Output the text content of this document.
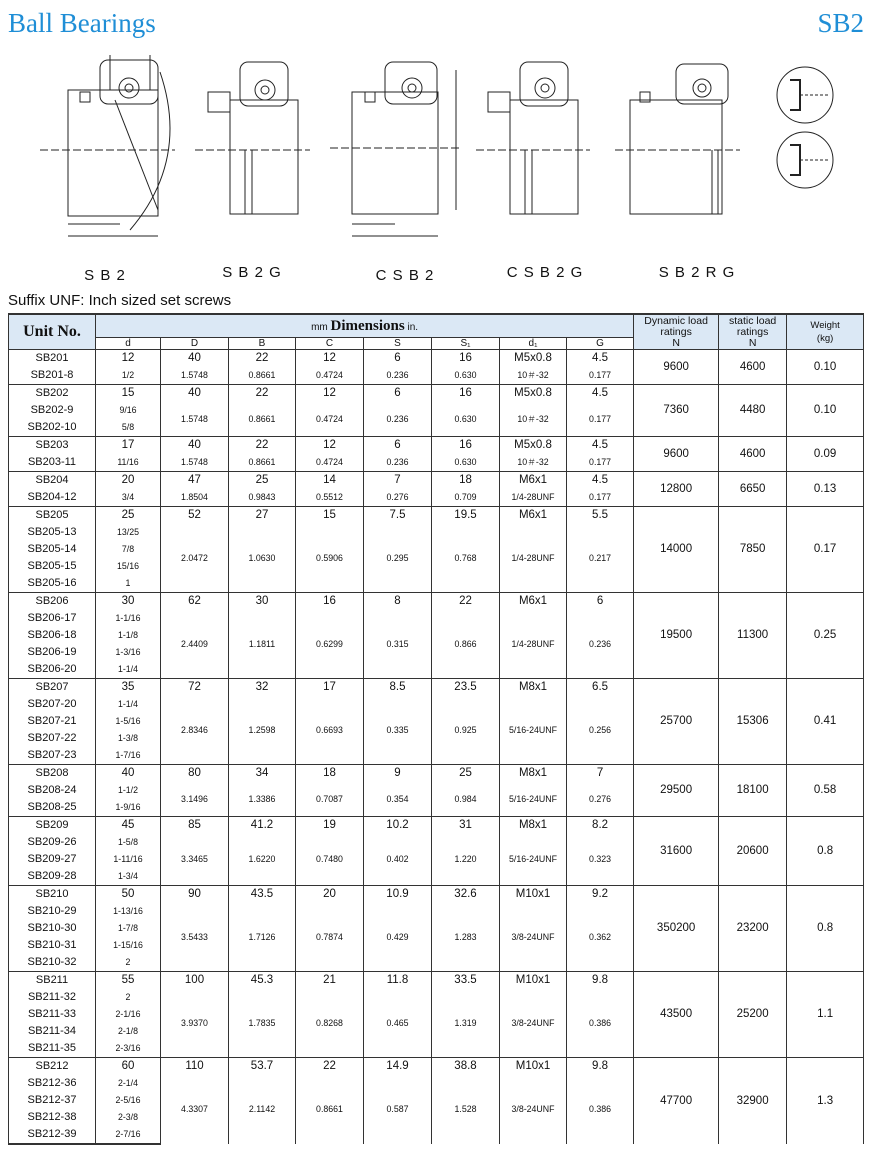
Ball Bearings	SB2
S B 2	S B 2 G	C S B 2	C S B 2 G	S B 2 R G
Suffix UNF: Inch sized set screws
Unit No.	mm Dimensions in.								Dynamic load
ratings
N	static load
ratings
N	Weight
(kg)

	d	D	B	C	S	S₁	d₁	G			
SB201	12	40	22	12	6	16	M5x0.8	4.5	9600	4600	0.10
SB201-8	1/2	1.5748	0.8661	0.4724	0.236	0.630	10＃-32	0.177			
SB202	15	40	22	12	6	16	M5x0.8	4.5	7360	4480	0.10
SB202-9	9/16	1.5748	0.8661	0.4724	0.236	0.630	10＃-32	0.177			
SB202-10	5/8										
SB203	17	40	22	12	6	16	M5x0.8	4.5	9600	4600	0.09
SB203-11	11/16	1.5748	0.8661	0.4724	0.236	0.630	10＃-32	0.177			
SB204	20	47	25	14	7	18	M6x1	4.5	12800	6650	0.13
SB204-12	3/4	1.8504	0.9843	0.5512	0.276	0.709	1/4-28UNF	0.177			
SB205	25	52	27	15	7.5	19.5	M6x1	5.5	14000	7850	0.17
SB205-13	13/25	2.0472	1.0630	0.5906	0.295	0.768	1/4-28UNF	0.217			
SB205-14	7/8										
SB205-15	15/16										
SB205-16	1										
SB206	30	62	30	16	8	22	M6x1	6	19500	11300	0.25
SB206-17	1-1/16	2.4409	1.1811	0.6299	0.315	0.866	1/4-28UNF	0.236			
SB206-18	1-1/8										
SB206-19	1-3/16										
SB206-20	1-1/4										
SB207	35	72	32	17	8.5	23.5	M8x1	6.5	25700	15306	0.41
SB207-20	1-1/4	2.8346	1.2598	0.6693	0.335	0.925	5/16-24UNF	0.256			
SB207-21	1-5/16										
SB207-22	1-3/8										
SB207-23	1-7/16										
SB208	40	80	34	18	9	25	M8x1	7	29500	18100	0.58
SB208-24	1-1/2	3.1496	1.3386	0.7087	0.354	0.984	5/16-24UNF	0.276			
SB208-25	1-9/16										
SB209	45	85	41.2	19	10.2	31	M8x1	8.2	31600	20600	0.8
SB209-26	1-5/8	3.3465	1.6220	0.7480	0.402	1.220	5/16-24UNF	0.323			
SB209-27	1-11/16										
SB209-28	1-3/4										
SB210	50	90	43.5	20	10.9	32.6	M10x1	9.2	350200	23200	0.8
SB210-29	1-13/16	3.5433	1.7126	0.7874	0.429	1.283	3/8-24UNF	0.362			
SB210-30	1-7/8										
SB210-31	1-15/16										
SB210-32	2										
SB211	55	100	45.3	21	11.8	33.5	M10x1	9.8	43500	25200	1.1
SB211-32	2	3.9370	1.7835	0.8268	0.465	1.319	3/8-24UNF	0.386			
SB211-33	2-1/16										
SB211-34	2-1/8										
SB211-35	2-3/16										
SB212	60	110	53.7	22	14.9	38.8	M10x1	9.8	47700	32900	1.3
SB212-36	2-1/4	4.3307	2.1142	0.8661	0.587	1.528	3/8-24UNF	0.386			
SB212-37	2-5/16										
SB212-38	2-3/8										
SB212-39	2-7/16										
